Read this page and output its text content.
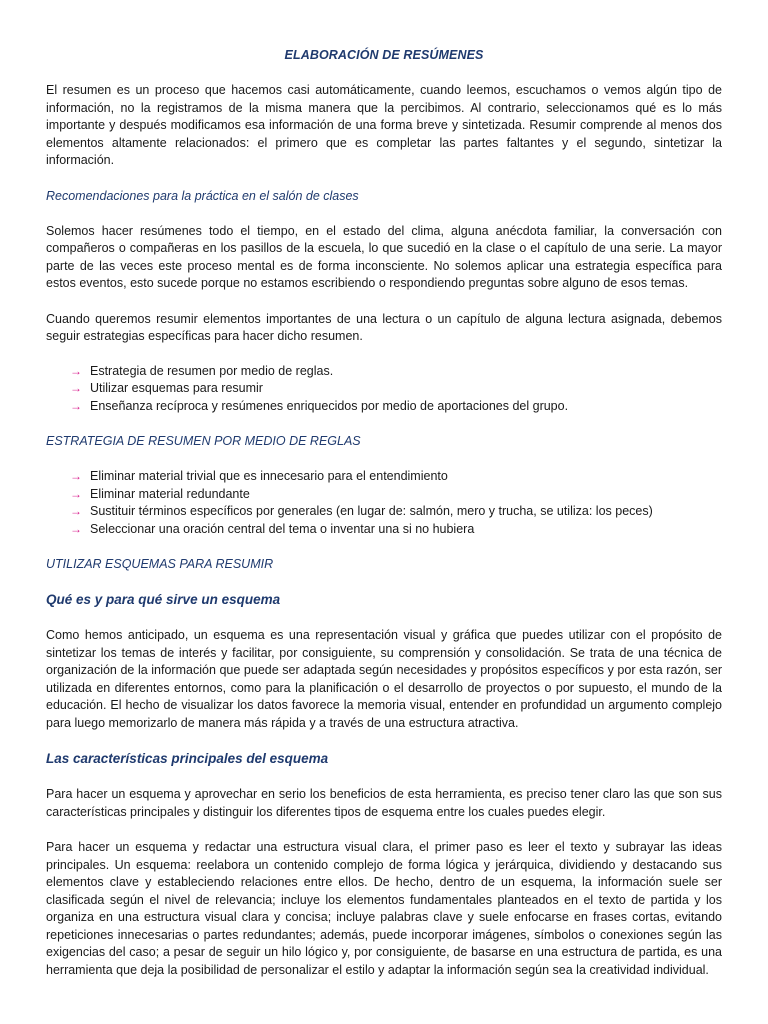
ELABORACIÓN DE RESÚMENES

El resumen es un proceso que hacemos casi automáticamente, cuando leemos, escuchamos o vemos algún tipo de información, no la registramos de la misma manera que la percibimos. Al contrario, seleccionamos qué es lo más importante y después modificamos esa información de una forma breve y sintetizada. Resumir comprende al menos dos elementos altamente relacionados: el primero que es completar las partes faltantes y el segundo, sintetizar la información.

Recomendaciones para la práctica en el salón de clases

Solemos hacer resúmenes todo el tiempo, en el estado del clima, alguna anécdota familiar, la conversación con compañeros o compañeras en los pasillos de la escuela, lo que sucedió en la clase o el capítulo de una serie. La mayor parte de las veces este proceso mental es de forma inconsciente. No solemos aplicar una estrategia específica para estos eventos, esto sucede porque no estamos escribiendo o respondiendo preguntas sobre alguno de esos temas.

Cuando queremos resumir elementos importantes de una lectura o un capítulo de alguna lectura asignada, debemos seguir estrategias específicas para hacer dicho resumen.

→ Estrategia de resumen por medio de reglas.
→ Utilizar esquemas para resumir
→ Enseñanza recíproca y resúmenes enriquecidos por medio de aportaciones del grupo.
ESTRATEGIA DE RESUMEN POR MEDIO DE REGLAS
→ Eliminar material trivial que es innecesario para el entendimiento
→ Eliminar material redundante
→ Sustituir términos específicos por generales (en lugar de: salmón, mero y trucha, se utiliza: los peces)
→ Seleccionar una oración central del tema o inventar una si no hubiera
UTILIZAR ESQUEMAS PARA RESUMIR
Qué es y para qué sirve un esquema

Como hemos anticipado, un esquema es una representación visual y gráfica que puedes utilizar con el propósito de sintetizar los temas de interés y facilitar, por consiguiente, su comprensión y consolidación. Se trata de una técnica de organización de la información que puede ser adaptada según necesidades y propósitos específicos y por esta razón, ser utilizada en diferentes entornos, como para la planificación o el desarrollo de proyectos o por supuesto, el mundo de la educación. El hecho de visualizar los datos favorece la memoria visual, entender en profundidad un argumento complejo para luego memorizarlo de manera más rápida y a través de una estructura atractiva.

Las características principales del esquema

Para hacer un esquema y aprovechar en serio los beneficios de esta herramienta, es preciso tener claro las que son sus características principales y distinguir los diferentes tipos de esquema entre los cuales puedes elegir.

Para hacer un esquema y redactar una estructura visual clara, el primer paso es leer el texto y subrayar las ideas principales. Un esquema: reelabora un contenido complejo de forma lógica y jerárquica, dividiendo y destacando sus elementos clave y estableciendo relaciones entre ellos. De hecho, dentro de un esquema, la información suele ser clasificada según el nivel de relevancia; incluye los elementos fundamentales planteados en el texto de partida y los organiza en una estructura visual clara y concisa; incluye palabras clave y suele enfocarse en frases cortas, evitando repeticiones innecesarias o partes redundantes; además, puede incorporar imágenes, símbolos o conexiones según las exigencias del caso; a pesar de seguir un hilo lógico y, por consiguiente, de basarse en una estructura de partida, es una herramienta que deja la posibilidad de personalizar el estilo y adaptar la información según sea la creatividad individual.
